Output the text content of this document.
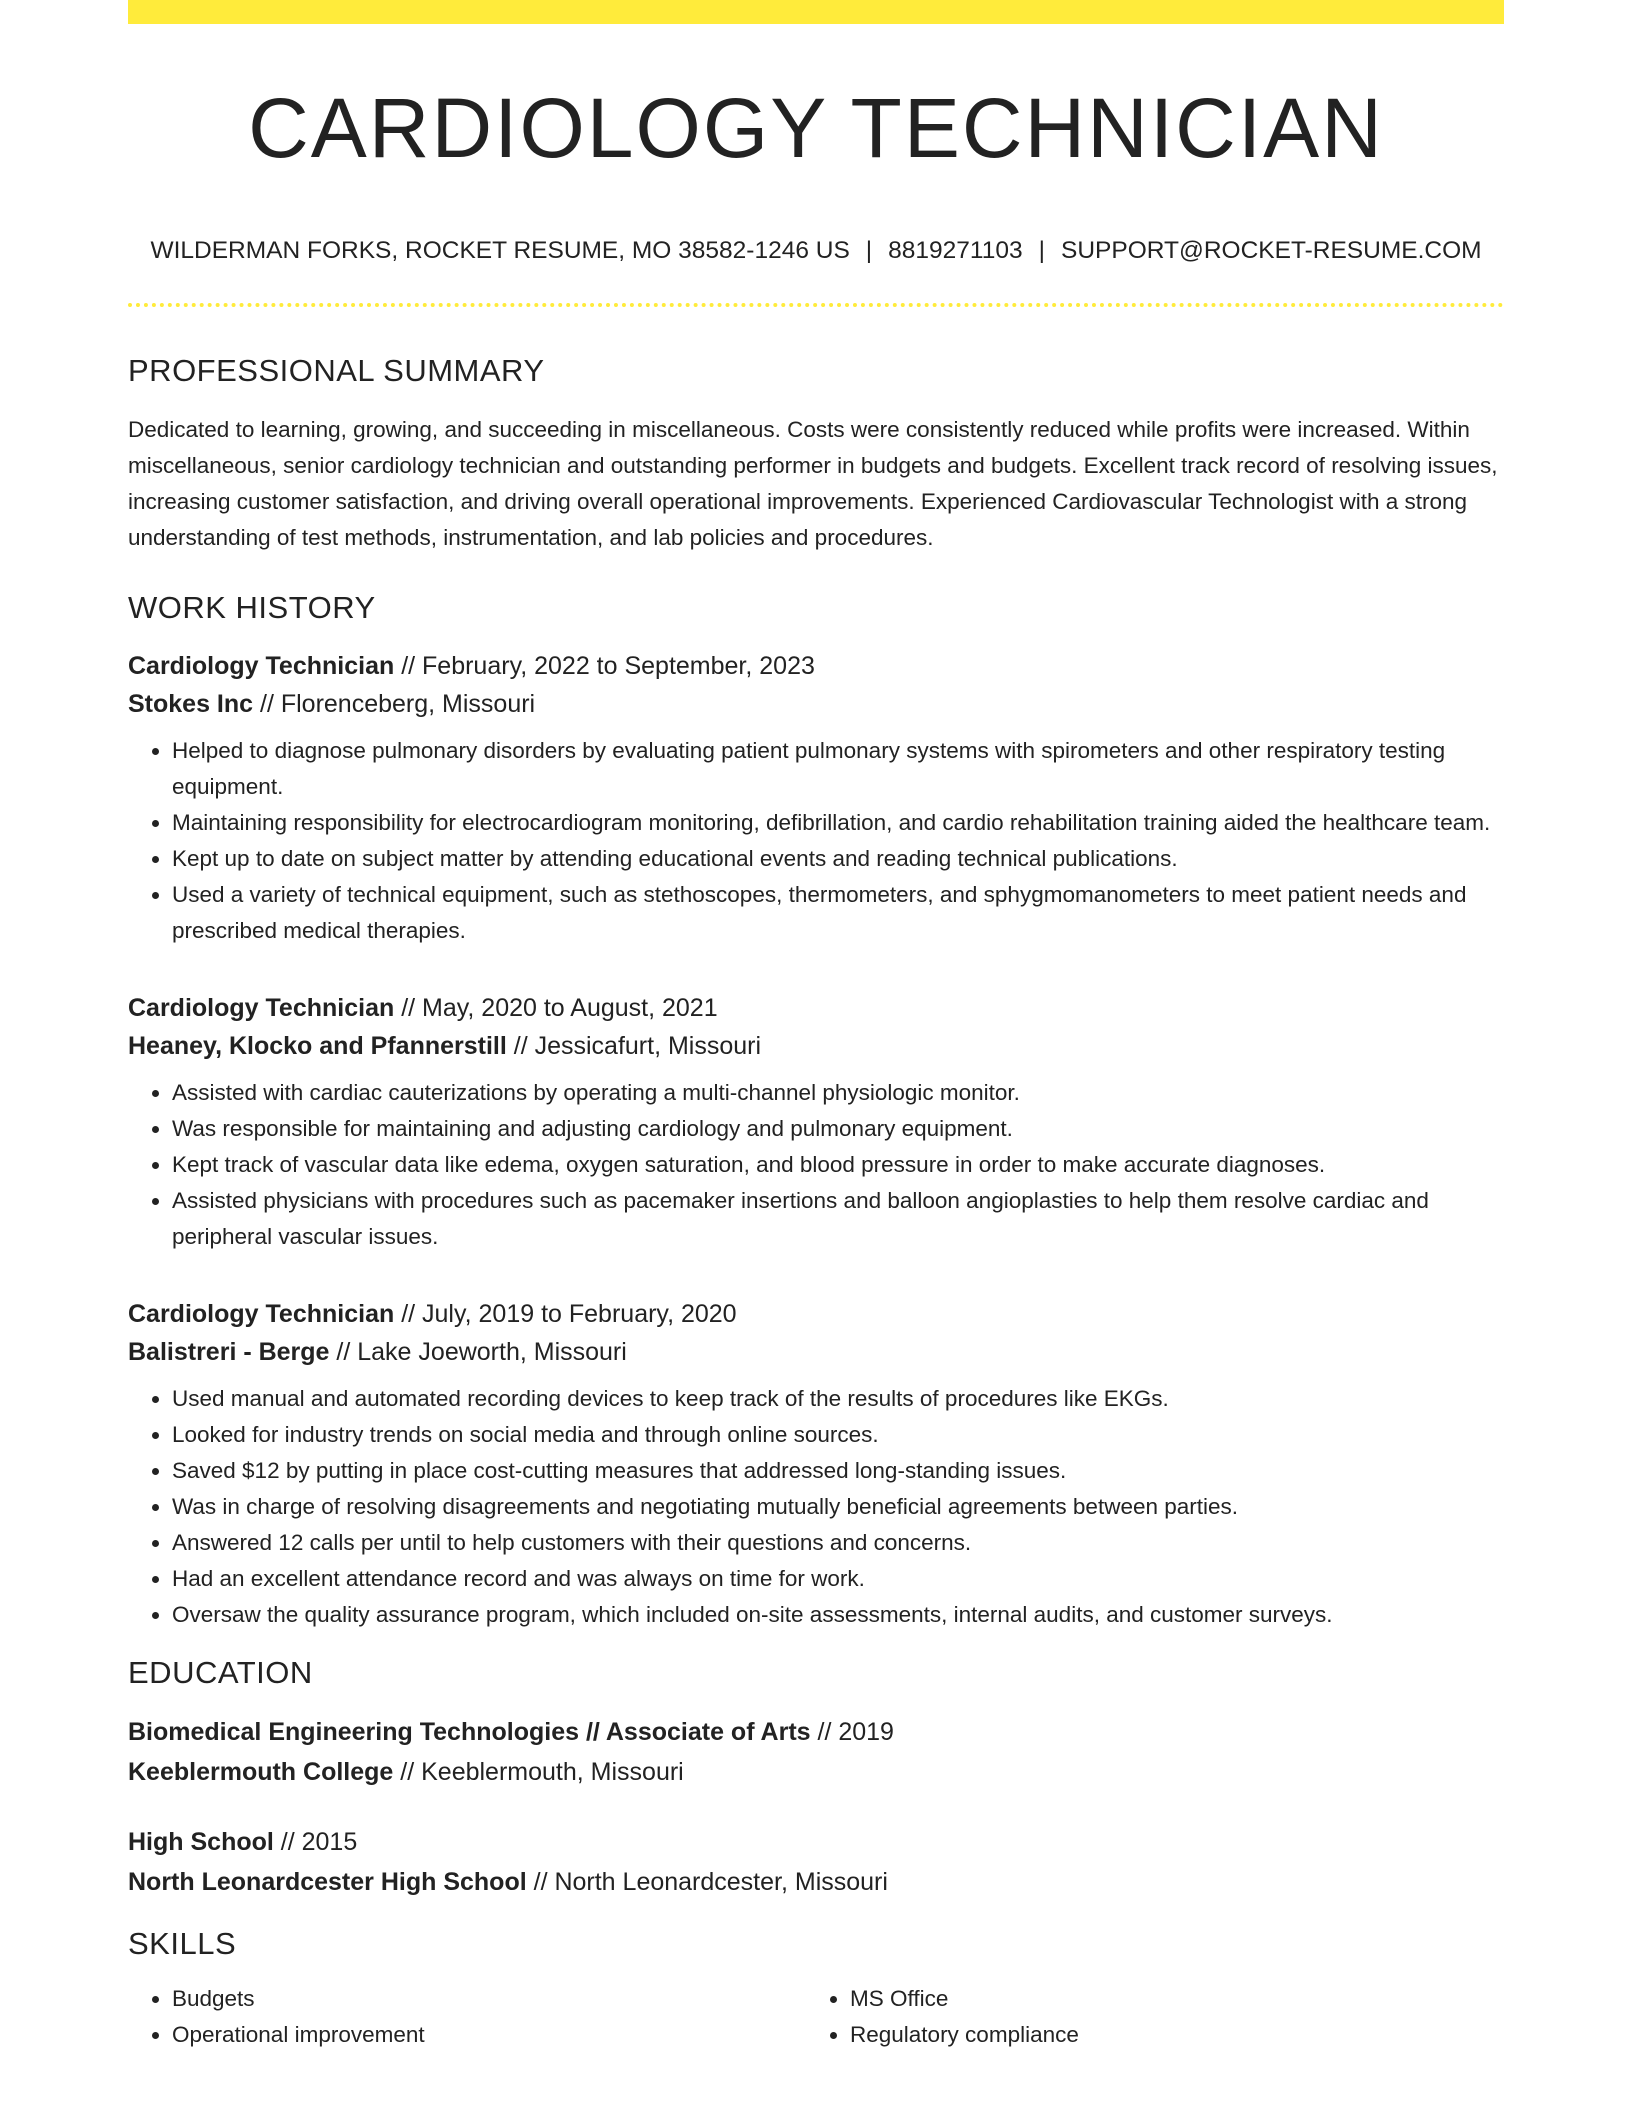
CARDIOLOGY TECHNICIAN
WILDERMAN FORKS, ROCKET RESUME, MO 38582-1246 US | 8819271103 | SUPPORT@ROCKET-RESUME.COM
PROFESSIONAL SUMMARY
Dedicated to learning, growing, and succeeding in miscellaneous. Costs were consistently reduced while profits were increased. Within miscellaneous, senior cardiology technician and outstanding performer in budgets and budgets. Excellent track record of resolving issues, increasing customer satisfaction, and driving overall operational improvements. Experienced Cardiovascular Technologist with a strong understanding of test methods, instrumentation, and lab policies and procedures.
WORK HISTORY
Cardiology Technician // February, 2022 to September, 2023
Stokes Inc // Florenceberg, Missouri
• Helped to diagnose pulmonary disorders by evaluating patient pulmonary systems with spirometers and other respiratory testing equipment.
• Maintaining responsibility for electrocardiogram monitoring, defibrillation, and cardio rehabilitation training aided the healthcare team.
• Kept up to date on subject matter by attending educational events and reading technical publications.
• Used a variety of technical equipment, such as stethoscopes, thermometers, and sphygmomanometers to meet patient needs and prescribed medical therapies.
Cardiology Technician // May, 2020 to August, 2021
Heaney, Klocko and Pfannerstill // Jessicafurt, Missouri
• Assisted with cardiac cauterizations by operating a multi-channel physiologic monitor.
• Was responsible for maintaining and adjusting cardiology and pulmonary equipment.
• Kept track of vascular data like edema, oxygen saturation, and blood pressure in order to make accurate diagnoses.
• Assisted physicians with procedures such as pacemaker insertions and balloon angioplasties to help them resolve cardiac and peripheral vascular issues.
Cardiology Technician // July, 2019 to February, 2020
Balistreri - Berge // Lake Joeworth, Missouri
• Used manual and automated recording devices to keep track of the results of procedures like EKGs.
• Looked for industry trends on social media and through online sources.
• Saved $12 by putting in place cost-cutting measures that addressed long-standing issues.
• Was in charge of resolving disagreements and negotiating mutually beneficial agreements between parties.
• Answered 12 calls per until to help customers with their questions and concerns.
• Had an excellent attendance record and was always on time for work.
• Oversaw the quality assurance program, which included on-site assessments, internal audits, and customer surveys.
EDUCATION
Biomedical Engineering Technologies // Associate of Arts // 2019
Keeblermouth College // Keeblermouth, Missouri
High School // 2015
North Leonardcester High School // North Leonardcester, Missouri
SKILLS
• Budgets
• Operational improvement
• MS Office
• Regulatory compliance
